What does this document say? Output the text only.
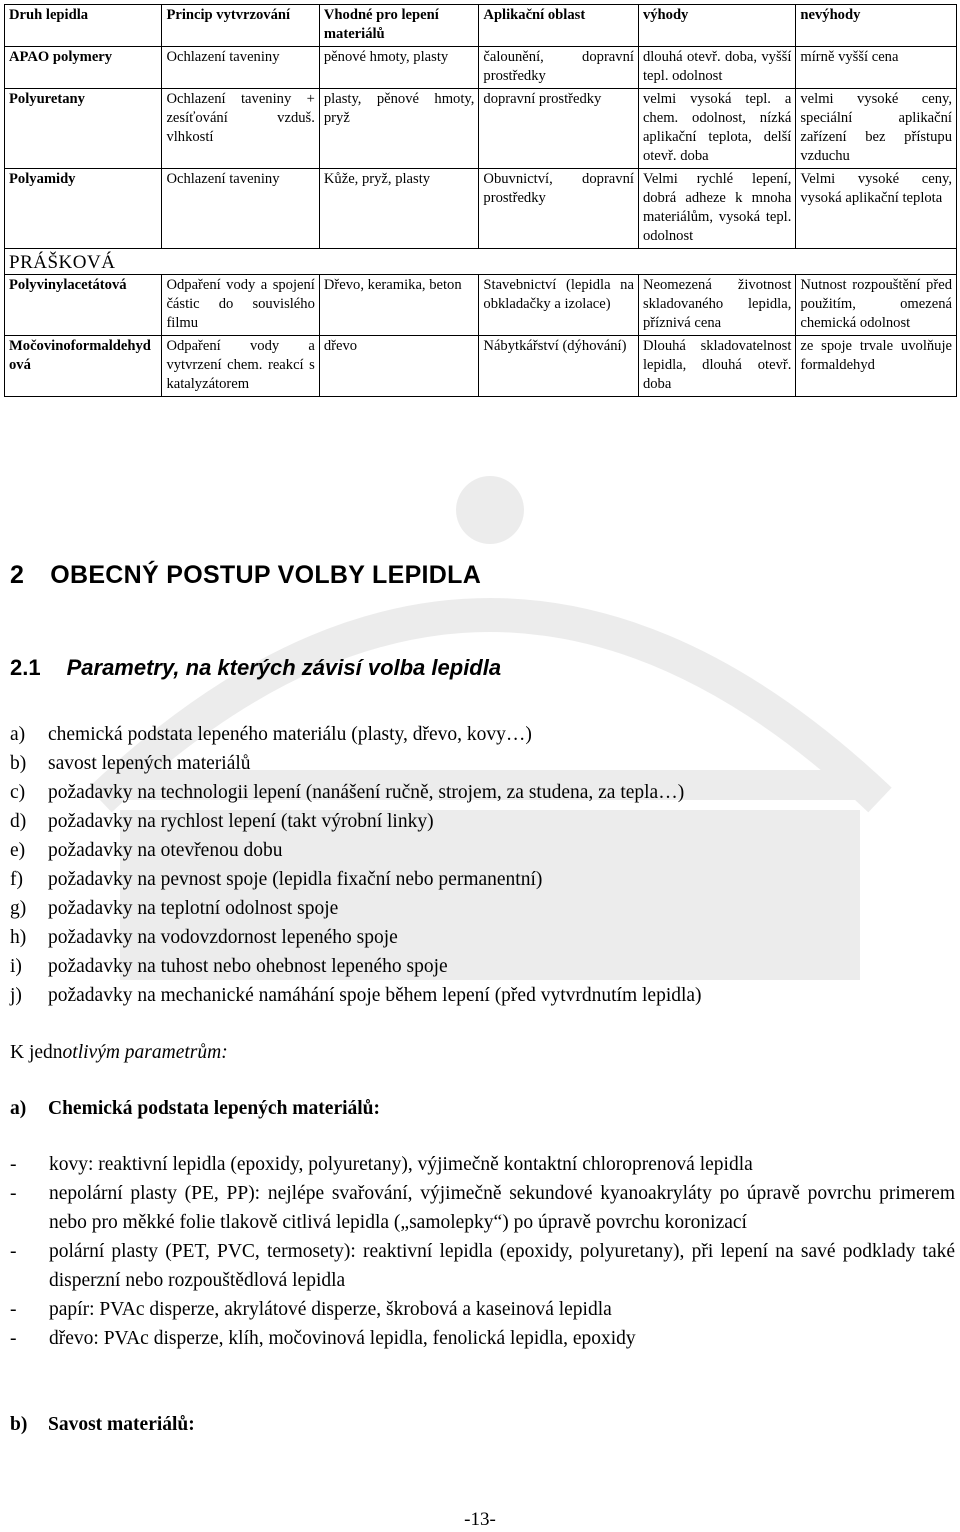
Druh lepidla	Princip vytvrzování	Vhodné pro lepení materiálů	Aplikační oblast	výhody	nevýhody
APAO polymery	Ochlazení taveniny	pěnové hmoty, plasty	čalounění, dopravní prostředky	dlouhá otevř. doba, vyšší tepl. odolnost	mírně vyšší cena
Polyuretany	Ochlazení taveniny + zesíťování vzduš. vlhkostí	plasty, pěnové hmoty, pryž	dopravní prostředky	velmi vysoká tepl. a chem. odolnost, nízká aplikační teplota, delší otevř. doba	velmi vysoké ceny, speciální aplikační zařízení bez přístupu vzduchu
Polyamidy	Ochlazení taveniny	Kůže, pryž, plasty	Obuvnictví, dopravní prostředky	Velmi rychlé lepení, dobrá adheze k mnoha materiálům, vysoká tepl. odolnost	Velmi vysoké ceny, vysoká aplikační teplota
PRÁŠKOVÁ					
Polyvinylacetátová	Odpaření vody a spojení částic do souvislého filmu	Dřevo, keramika, beton	Stavebnictví (lepidla na obkladačky a izolace)	Neomezená životnost skladovaného lepidla, příznivá cena	Nutnost rozpouštění před použitím, omezená chemická odolnost
Močovinoformaldehydová	Odpaření vody a vytvrzení chem. reakcí s katalyzátorem	dřevo	Nábytkářství (dýhování)	Dlouhá skladovatelnost lepidla, dlouhá otevř. doba	ze spoje trvale uvolňuje formaldehyd
2 OBECNÝ POSTUP VOLBY LEPIDLA
2.1 Parametry, na kterých závisí volba lepidla
a)	chemická podstata lepeného materiálu (plasty, dřevo, kovy…)
b)	savost lepených materiálů
c)	požadavky na technologii lepení (nanášení ručně, strojem, za studena, za tepla…)
d)	požadavky na rychlost lepení (takt výrobní linky)
e)	požadavky na otevřenou dobu
f)	požadavky na pevnost spoje (lepidla fixační nebo permanentní)
g)	požadavky na teplotní odolnost spoje
h)	požadavky na vodovzdornost lepeného spoje
i)	požadavky na tuhost nebo ohebnost lepeného spoje
j)	požadavky na mechanické namáhání spoje během lepení (před vytvrdnutím lepidla)

K jednotlivým parametrům:

a) Chemická podstata lepených materiálů:

-	kovy: reaktivní lepidla (epoxidy, polyuretany), výjimečně kontaktní chloroprenová lepidla
-	nepolární plasty (PE, PP): nejlépe svařování, výjimečně sekundové kyanoakryláty po úpravě povrchu primerem nebo pro měkké folie tlakově citlivá lepidla („samolepky“) po úpravě povrchu koronizací
-	polární plasty (PET, PVC, termosety): reaktivní lepidla (epoxidy, polyuretany), při lepení na savé podklady také disperzní nebo rozpouštědlová lepidla
-	papír: PVAc disperze, akrylátové disperze, škrobová a kaseinová lepidla
-	dřevo: PVAc disperze, klíh, močovinová lepidla, fenolická lepidla, epoxidy

b) Savost materiálů:

-13-
